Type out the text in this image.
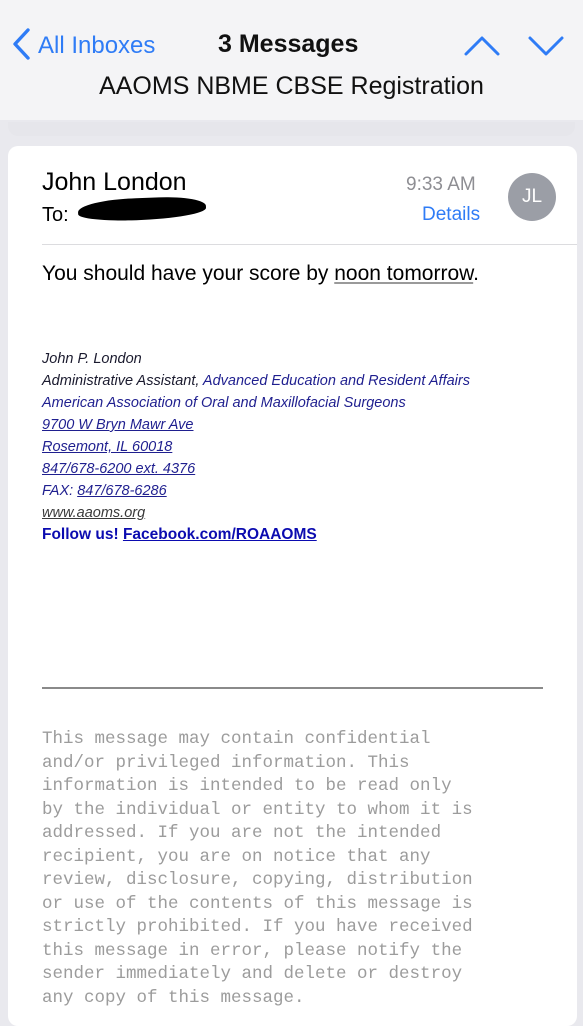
All Inboxes	3 Messages
AAOMS NBME CBSE Registration
John London
To:
9:33 AM
Details
JL
You should have your score by noon tomorrow.
John P. London
Administrative Assistant, Advanced Education and Resident Affairs
American Association of Oral and Maxillofacial Surgeons
9700 W Bryn Mawr Ave
Rosemont, IL 60018
847/678-6200 ext. 4376
FAX: 847/678-6286
www.aaoms.org
Follow us! Facebook.com/ROAAOMS
This message may contain confidential
and/or privileged information. This
information is intended to be read only
by the individual or entity to whom it is
addressed. If you are not the intended
recipient, you are on notice that any
review, disclosure, copying, distribution
or use of the contents of this message is
strictly prohibited. If you have received
this message in error, please notify the
sender immediately and delete or destroy
any copy of this message.
